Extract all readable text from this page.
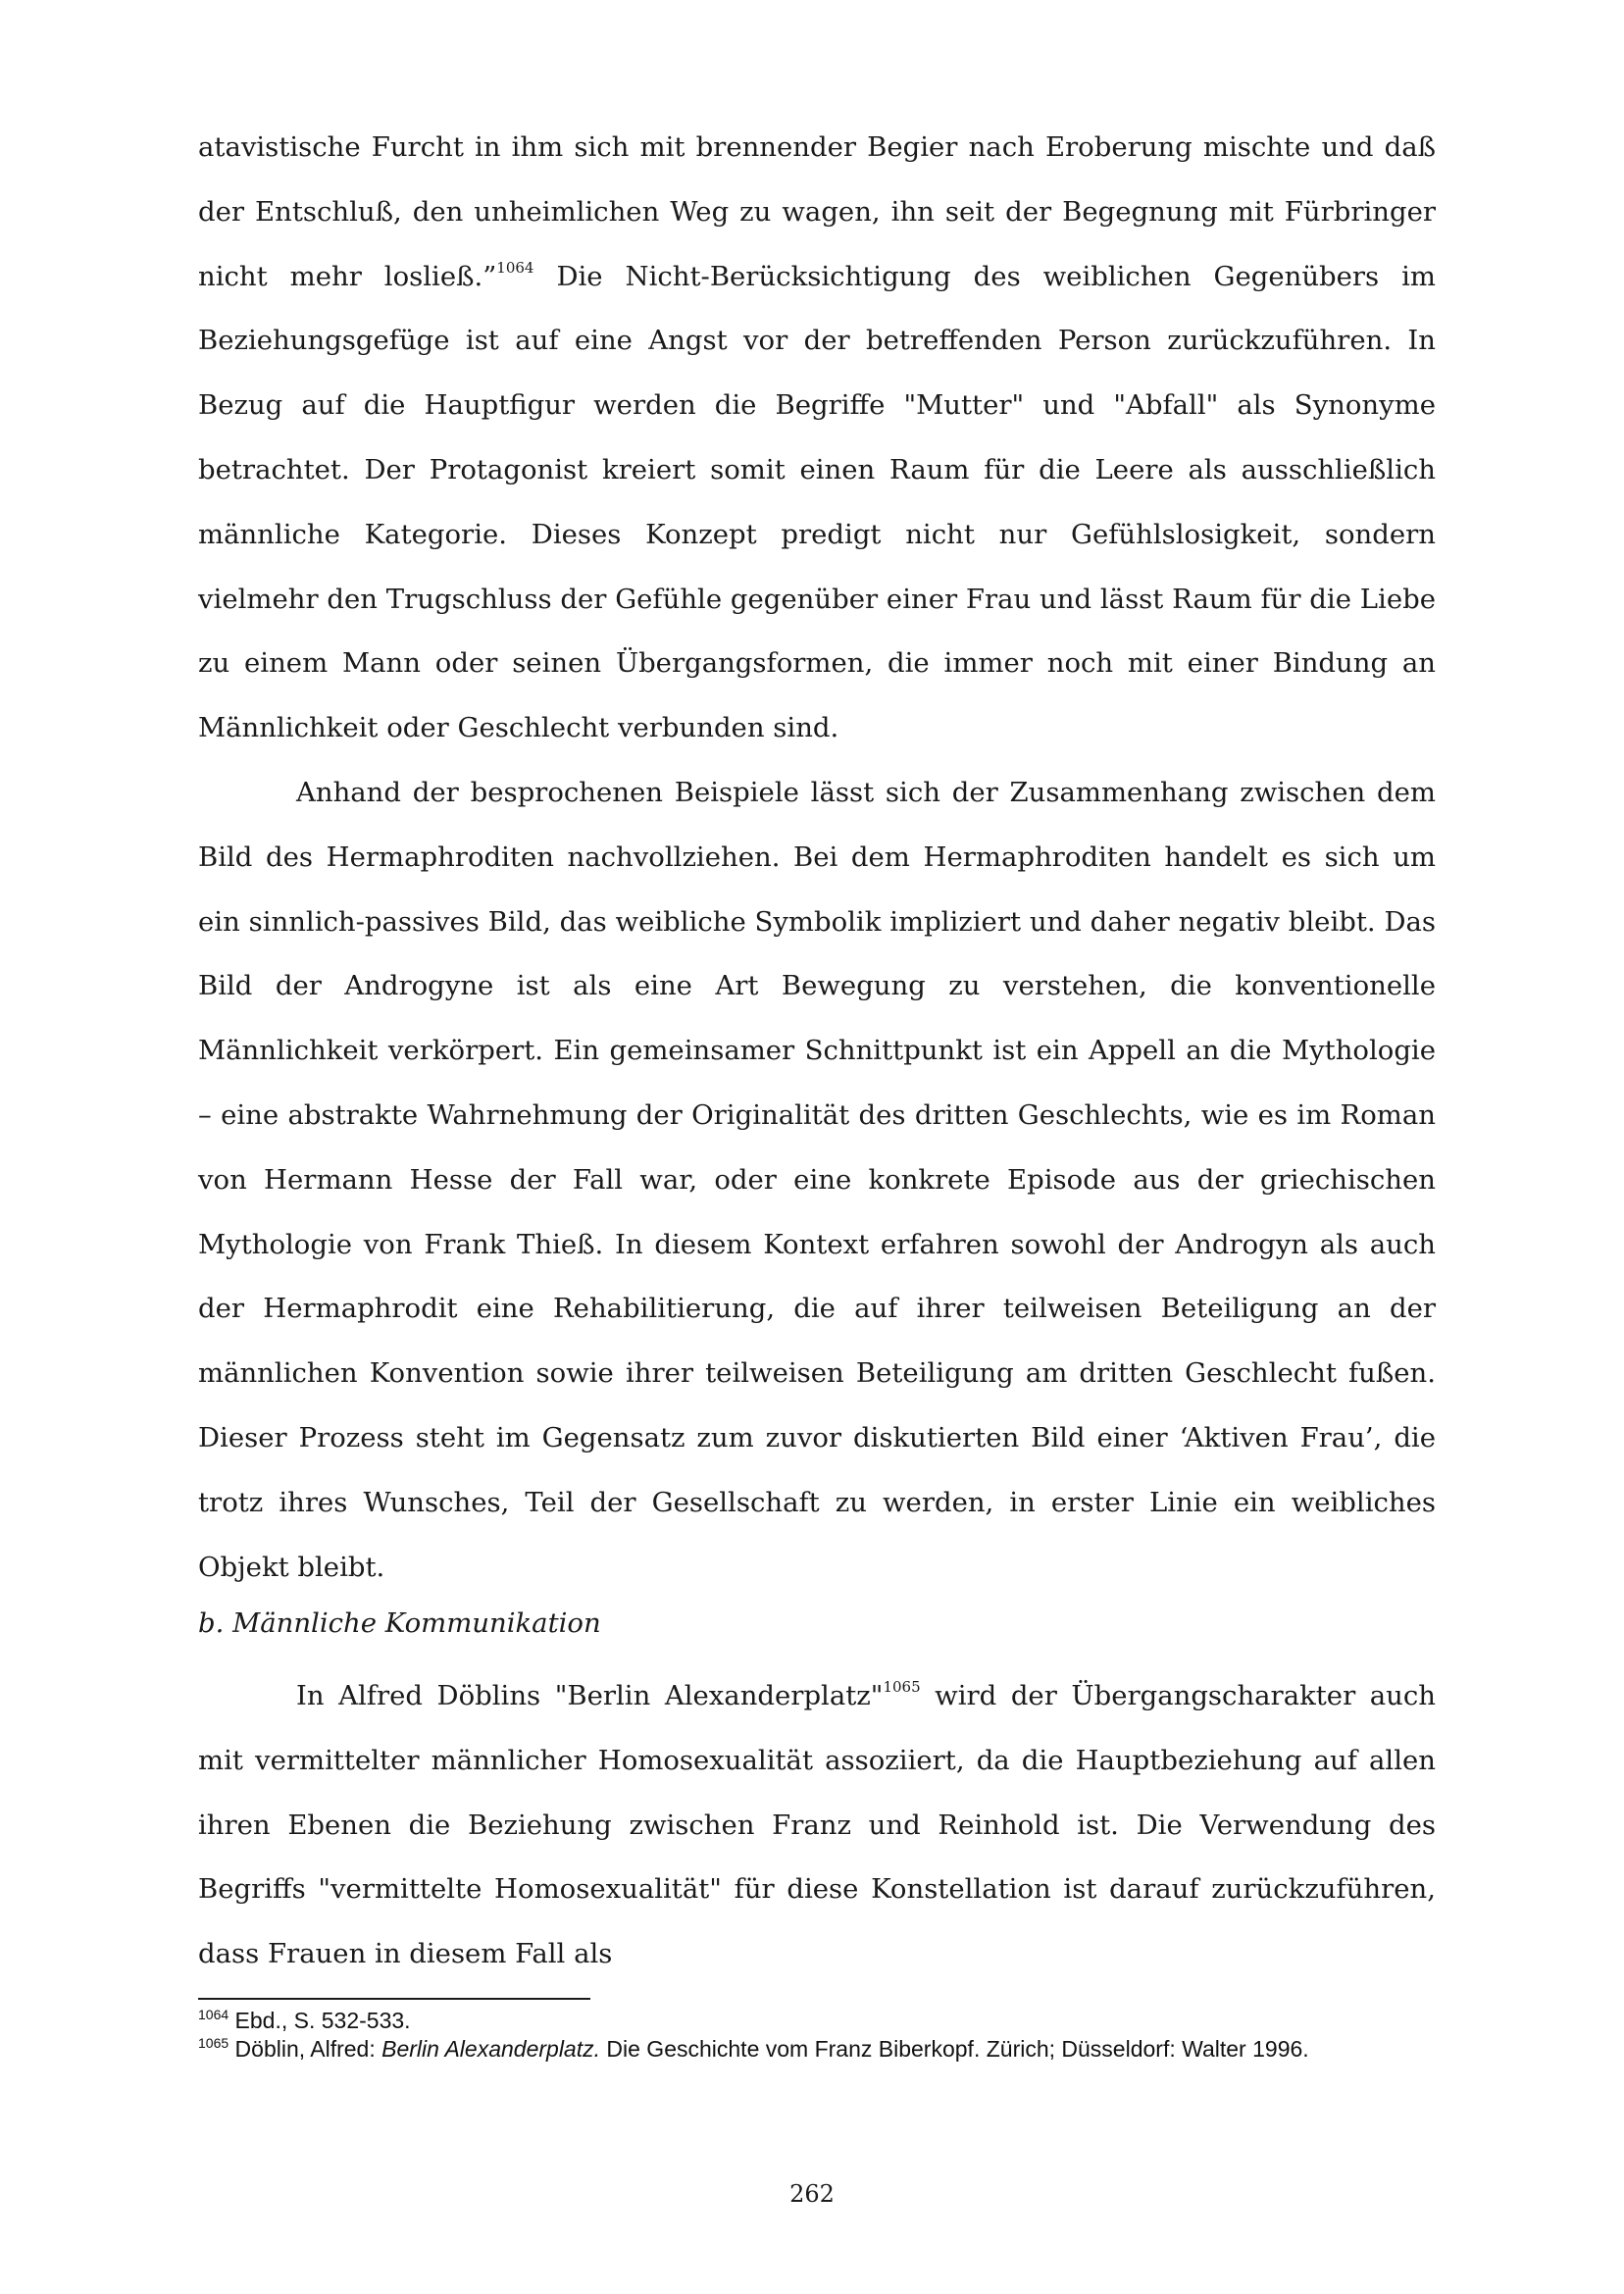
atavistische Furcht in ihm sich mit brennender Begier nach Eroberung mischte und daß der Entschluß, den unheimlichen Weg zu wagen, ihn seit der Begegnung mit Fürbringer nicht mehr losließ.”$^{1064}$ Die Nicht-Berücksichtigung des weiblichen Gegenübers im Beziehungsgefüge ist auf eine Angst vor der betreffenden Person zurückzuführen. In Bezug auf die Hauptfigur werden die Begriffe "Mutter" und "Abfall" als Synonyme betrachtet. Der Protagonist kreiert somit einen Raum für die Leere als ausschließlich männliche Kategorie. Dieses Konzept predigt nicht nur Gefühlslosigkeit, sondern vielmehr den Trugschluss der Gefühle gegenüber einer Frau und lässt Raum für die Liebe zu einem Mann oder seinen Übergangsformen, die immer noch mit einer Bindung an Männlichkeit oder Geschlecht verbunden sind.

Anhand der besprochenen Beispiele lässt sich der Zusammenhang zwischen dem Bild des Hermaphroditen nachvollziehen. Bei dem Hermaphroditen handelt es sich um ein sinnlich-passives Bild, das weibliche Symbolik impliziert und daher negativ bleibt. Das Bild der Androgyne ist als eine Art Bewegung zu verstehen, die konventionelle Männlichkeit verkörpert. Ein gemeinsamer Schnittpunkt ist ein Appell an die Mythologie – eine abstrakte Wahrnehmung der Originalität des dritten Geschlechts, wie es im Roman von Hermann Hesse der Fall war, oder eine konkrete Episode aus der griechischen Mythologie von Frank Thieß. In diesem Kontext erfahren sowohl der Androgyn als auch der Hermaphrodit eine Rehabilitierung, die auf ihrer teilweisen Beteiligung an der männlichen Konvention sowie ihrer teilweisen Beteiligung am dritten Geschlecht fußen. Dieser Prozess steht im Gegensatz zum zuvor diskutierten Bild einer ‘Aktiven Frau’, die trotz ihres Wunsches, Teil der Gesellschaft zu werden, in erster Linie ein weibliches Objekt bleibt.

b. Männliche Kommunikation

In Alfred Döblins "Berlin Alexanderplatz"$^{1065}$ wird der Übergangscharakter auch mit vermittelter männlicher Homosexualität assoziiert, da die Hauptbeziehung auf allen ihren Ebenen die Beziehung zwischen Franz und Reinhold ist. Die Verwendung des Begriffs "vermittelte Homosexualität" für diese Konstellation ist darauf zurückzuführen, dass Frauen in diesem Fall als

$^{1064}$ Ebd., S. 532-533.

$^{1065}$ Döblin, Alfred: Berlin Alexanderplatz. Die Geschichte vom Franz Biberkopf. Zürich; Düsseldorf: Walter 1996.

262
